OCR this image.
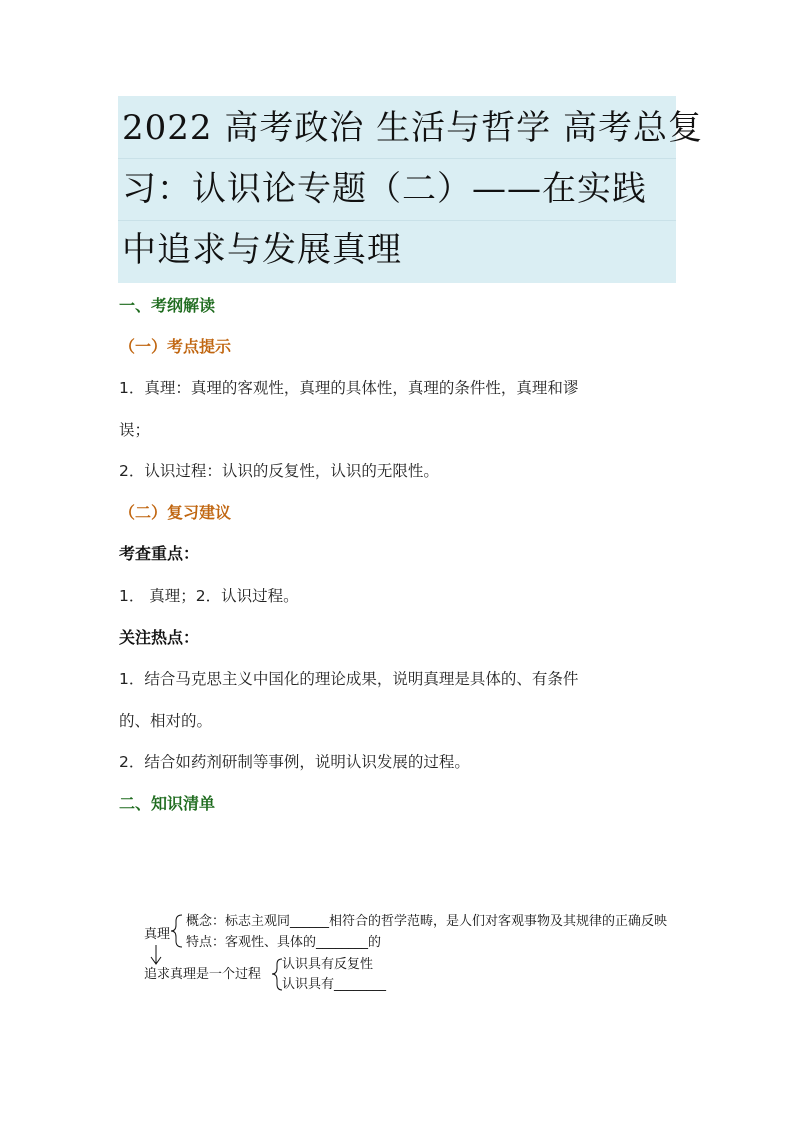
2022 高考政治 生活与哲学 高考总复
习：认识论专题（二）——在实践
中追求与发展真理
一、考纲解读
（一）考点提示
1．真理：真理的客观性，真理的具体性，真理的条件性，真理和谬
误；
2．认识过程：认识的反复性，认识的无限性。
（二）复习建议
考查重点：
1． 真理；2．认识过程。
关注热点：
1．结合马克思主义中国化的理论成果，说明真理是具体的、有条件
的、相对的。
2．结合如药剂研制等事例，说明认识发展的过程。
二、知识清单
真理
概念：标志主观同______相符合的哲学范畴，是人们对客观事物及其规律的正确反映
特点：客观性、具体的________的
追求真理是一个过程
认识具有反复性
认识具有________
